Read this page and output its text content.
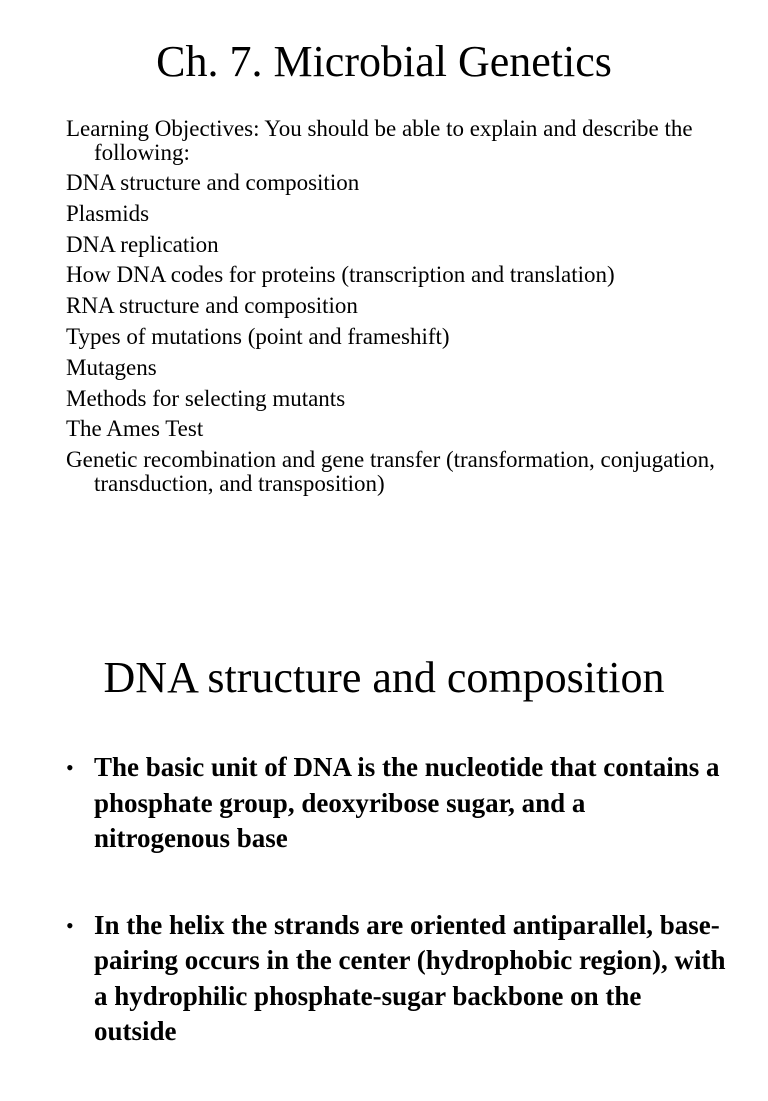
Ch. 7. Microbial Genetics

Learning Objectives: You should be able to explain and describe the following:

DNA structure and composition
Plasmids
DNA replication
How DNA codes for proteins (transcription and translation)
RNA structure and composition
Types of mutations (point and frameshift)
Mutagens
Methods for selecting mutants
The Ames Test
Genetic recombination and gene transfer (transformation, conjugation, transduction, and transposition)
DNA structure and composition
• The basic unit of DNA is the nucleotide that contains a phosphate group, deoxyribose sugar, and a nitrogenous base
• In the helix the strands are oriented antiparallel, base-pairing occurs in the center (hydrophobic region), with a hydrophilic phosphate-sugar backbone on the outside
